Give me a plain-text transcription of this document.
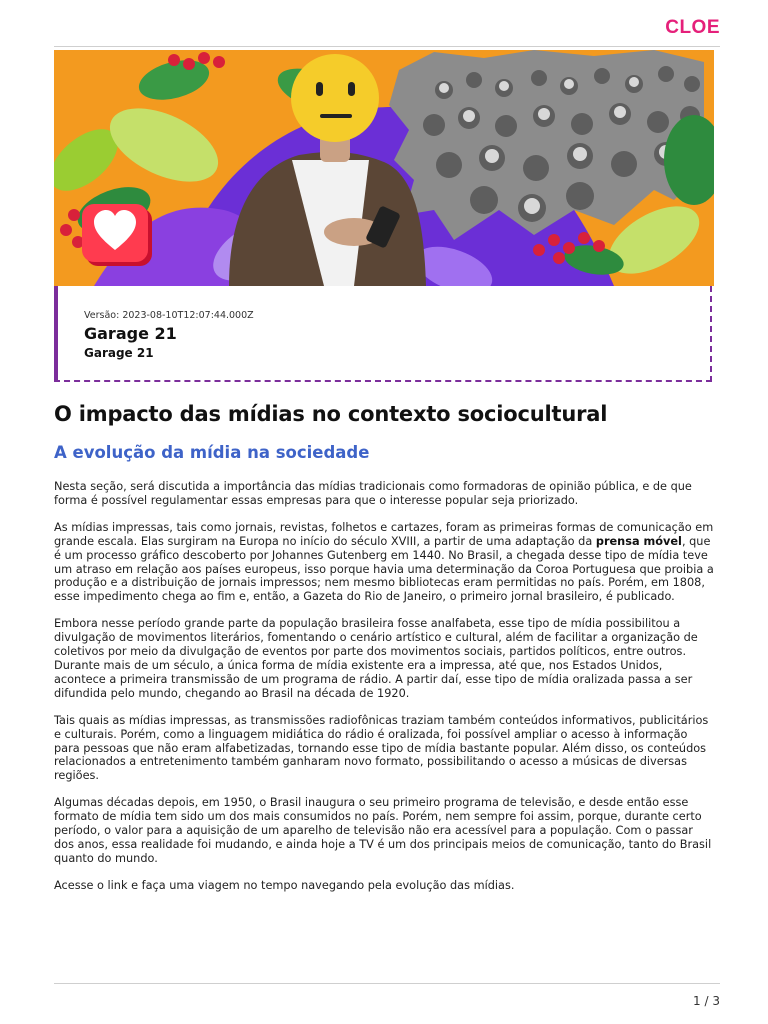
CLOE
Versão: 2023-08-10T12:07:44.000Z
Garage 21
Garage 21
O impacto das mídias no contexto sociocultural
A evolução da mídia na sociedade

Nesta seção, será discutida a importância das mídias tradicionais como formadoras de opinião pública, e de que forma é possível regulamentar essas empresas para que o interesse popular seja priorizado.

As mídias impressas, tais como jornais, revistas, folhetos e cartazes, foram as primeiras formas de comunicação em grande escala. Elas surgiram na Europa no início do século XVIII, a partir de uma adaptação da prensa móvel, que é um processo gráfico descoberto por Johannes Gutenberg em 1440. No Brasil, a chegada desse tipo de mídia teve um atraso em relação aos países europeus, isso porque havia uma determinação da Coroa Portuguesa que proibia a produção e a distribuição de jornais impressos; nem mesmo bibliotecas eram permitidas no país. Porém, em 1808, esse impedimento chega ao fim e, então, a Gazeta do Rio de Janeiro, o primeiro jornal brasileiro, é publicado.

Embora nesse período grande parte da população brasileira fosse analfabeta, esse tipo de mídia possibilitou a divulgação de movimentos literários, fomentando o cenário artístico e cultural, além de facilitar a organização de coletivos por meio da divulgação de eventos por parte dos movimentos sociais, partidos políticos, entre outros. Durante mais de um século, a única forma de mídia existente era a impressa, até que, nos Estados Unidos, acontece a primeira transmissão de um programa de rádio. A partir daí, esse tipo de mídia oralizada passa a ser difundida pelo mundo, chegando ao Brasil na década de 1920.

Tais quais as mídias impressas, as transmissões radiofônicas traziam também conteúdos informativos, publicitários e culturais. Porém, como a linguagem midiática do rádio é oralizada, foi possível ampliar o acesso à informação para pessoas que não eram alfabetizadas, tornando esse tipo de mídia bastante popular. Além disso, os conteúdos relacionados a entretenimento também ganharam novo formato, possibilitando o acesso a músicas de diversas regiões.

Algumas décadas depois, em 1950, o Brasil inaugura o seu primeiro programa de televisão, e desde então esse formato de mídia tem sido um dos mais consumidos no país. Porém, nem sempre foi assim, porque, durante certo período, o valor para a aquisição de um aparelho de televisão não era acessível para a população. Com o passar dos anos, essa realidade foi mudando, e ainda hoje a TV é um dos principais meios de comunicação, tanto do Brasil quanto do mundo.

Acesse o link e faça uma viagem no tempo navegando pela evolução das mídias.

1 / 3
